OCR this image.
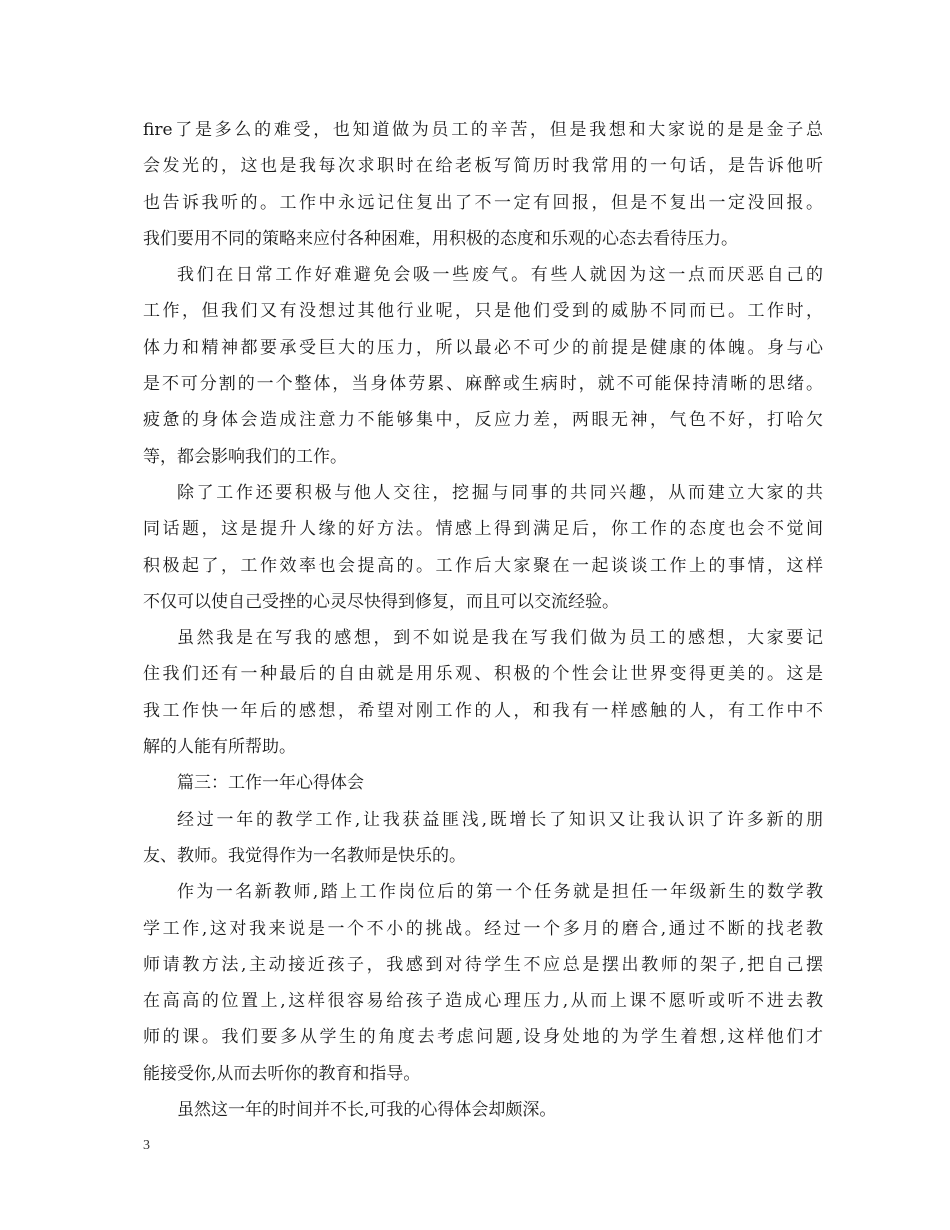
fire了是多么的难受，也知道做为员工的辛苦，但是我想和大家说的是是金子总
会发光的，这也是我每次求职时在给老板写简历时我常用的一句话，是告诉他听
也告诉我听的。工作中永远记住复出了不一定有回报，但是不复出一定没回报。
我们要用不同的策略来应付各种困难，用积极的态度和乐观的心态去看待压力。
我们在日常工作好难避免会吸一些废气。有些人就因为这一点而厌恶自己的
工作，但我们又有没想过其他行业呢，只是他们受到的威胁不同而已。工作时，
体力和精神都要承受巨大的压力，所以最必不可少的前提是健康的体魄。身与心
是不可分割的一个整体，当身体劳累、麻醉或生病时，就不可能保持清晰的思绪。
疲惫的身体会造成注意力不能够集中，反应力差，两眼无神，气色不好，打哈欠
等，都会影响我们的工作。
除了工作还要积极与他人交往，挖掘与同事的共同兴趣，从而建立大家的共
同话题，这是提升人缘的好方法。情感上得到满足后，你工作的态度也会不觉间
积极起了，工作效率也会提高的。工作后大家聚在一起谈谈工作上的事情，这样
不仅可以使自己受挫的心灵尽快得到修复，而且可以交流经验。
虽然我是在写我的感想，到不如说是我在写我们做为员工的感想，大家要记
住我们还有一种最后的自由就是用乐观、积极的个性会让世界变得更美的。这是
我工作快一年后的感想，希望对刚工作的人，和我有一样感触的人，有工作中不
解的人能有所帮助。
篇三：工作一年心得体会
经过一年的教学工作,让我获益匪浅,既增长了知识又让我认识了许多新的朋
友、教师。我觉得作为一名教师是快乐的。
作为一名新教师,踏上工作岗位后的第一个任务就是担任一年级新生的数学教
学工作,这对我来说是一个不小的挑战。经过一个多月的磨合,通过不断的找老教
师请教方法,主动接近孩子，我感到对待学生不应总是摆出教师的架子,把自己摆
在高高的位置上,这样很容易给孩子造成心理压力,从而上课不愿听或听不进去教
师的课。我们要多从学生的角度去考虑问题,设身处地的为学生着想,这样他们才
能接受你,从而去听你的教育和指导。
虽然这一年的时间并不长,可我的心得体会却颇深。
3
